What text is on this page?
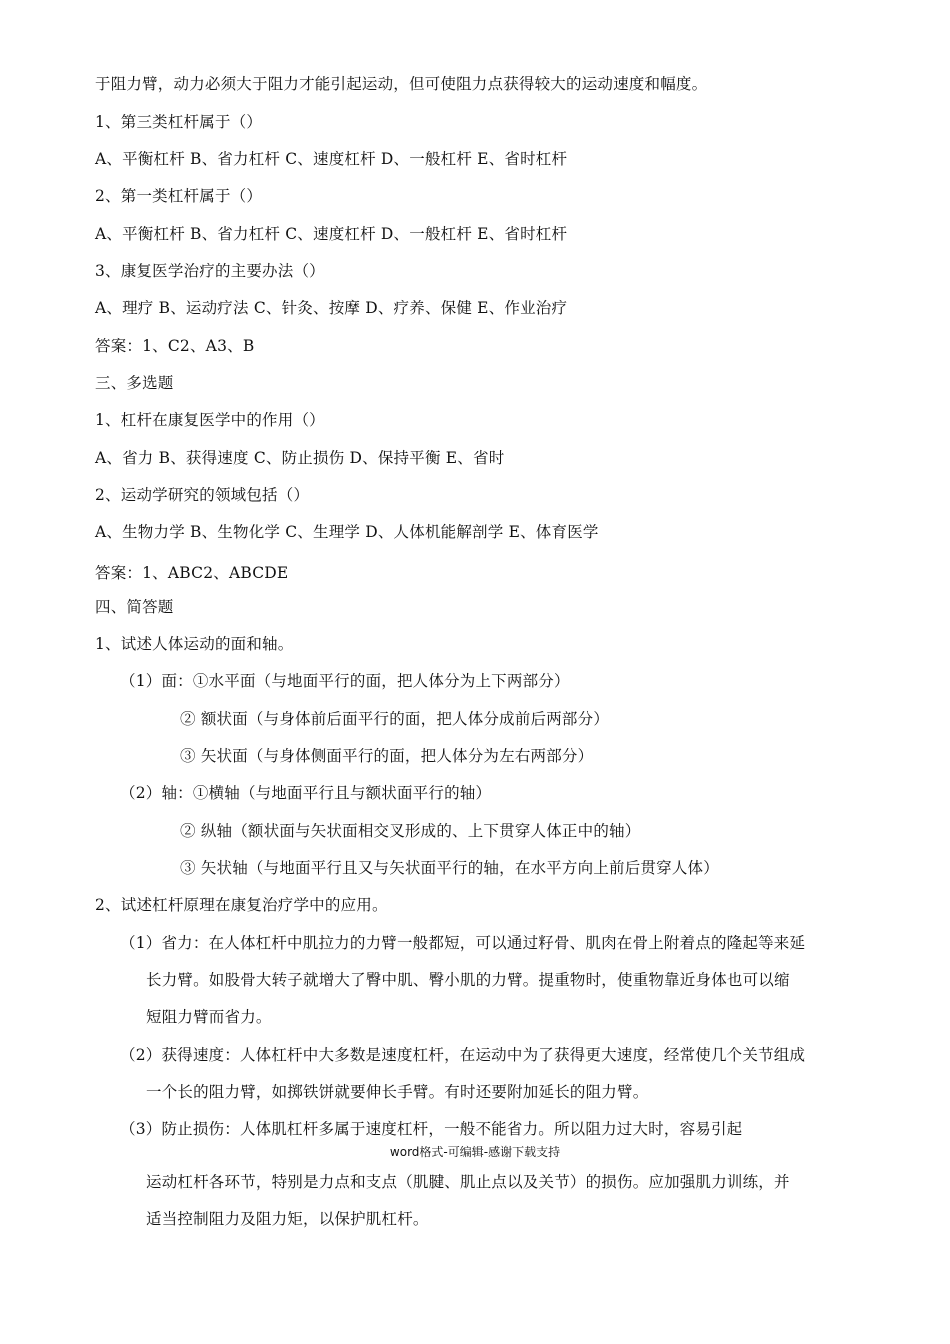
于阻力臂，动力必须大于阻力才能引起运动，但可使阻力点获得较大的运动速度和幅度。
1、第三类杠杆属于（）
A、平衡杠杆 B、省力杠杆 C、速度杠杆 D、一般杠杆 E、省时杠杆
2、第一类杠杆属于（）
A、平衡杠杆 B、省力杠杆 C、速度杠杆 D、一般杠杆 E、省时杠杆
3、康复医学治疗的主要办法（）
A、理疗 B、运动疗法 C、针灸、按摩 D、疗养、保健 E、作业治疗
答案：1、C2、A3、B
三、多选题
1、杠杆在康复医学中的作用（）
A、省力 B、获得速度 C、防止损伤 D、保持平衡 E、省时
2、运动学研究的领域包括（）
A、生物力学 B、生物化学 C、生理学 D、人体机能解剖学 E、体育医学
答案：1、ABC2、ABCDE
四、简答题
1、试述人体运动的面和轴。
（1）面：①水平面（与地面平行的面，把人体分为上下两部分）
② 额状面（与身体前后面平行的面，把人体分成前后两部分）
③ 矢状面（与身体侧面平行的面，把人体分为左右两部分）
（2）轴：①横轴（与地面平行且与额状面平行的轴）
② 纵轴（额状面与矢状面相交叉形成的、上下贯穿人体正中的轴）
③ 矢状轴（与地面平行且又与矢状面平行的轴，在水平方向上前后贯穿人体）
2、试述杠杆原理在康复治疗学中的应用。
（1）省力：在人体杠杆中肌拉力的力臂一般都短，可以通过籽骨、肌肉在骨上附着点的隆起等来延
长力臂。如股骨大转子就增大了臀中肌、臀小肌的力臂。提重物时，使重物靠近身体也可以缩
短阻力臂而省力。
（2）获得速度：人体杠杆中大多数是速度杠杆，在运动中为了获得更大速度，经常使几个关节组成
一个长的阻力臂，如掷铁饼就要伸长手臂。有时还要附加延长的阻力臂。
（3）防止损伤：人体肌杠杆多属于速度杠杆，一般不能省力。所以阻力过大时，容易引起
word格式-可编辑-感谢下载支持
运动杠杆各环节，特别是力点和支点（肌腱、肌止点以及关节）的损伤。应加强肌力训练，并
适当控制阻力及阻力矩，以保护肌杠杆。
